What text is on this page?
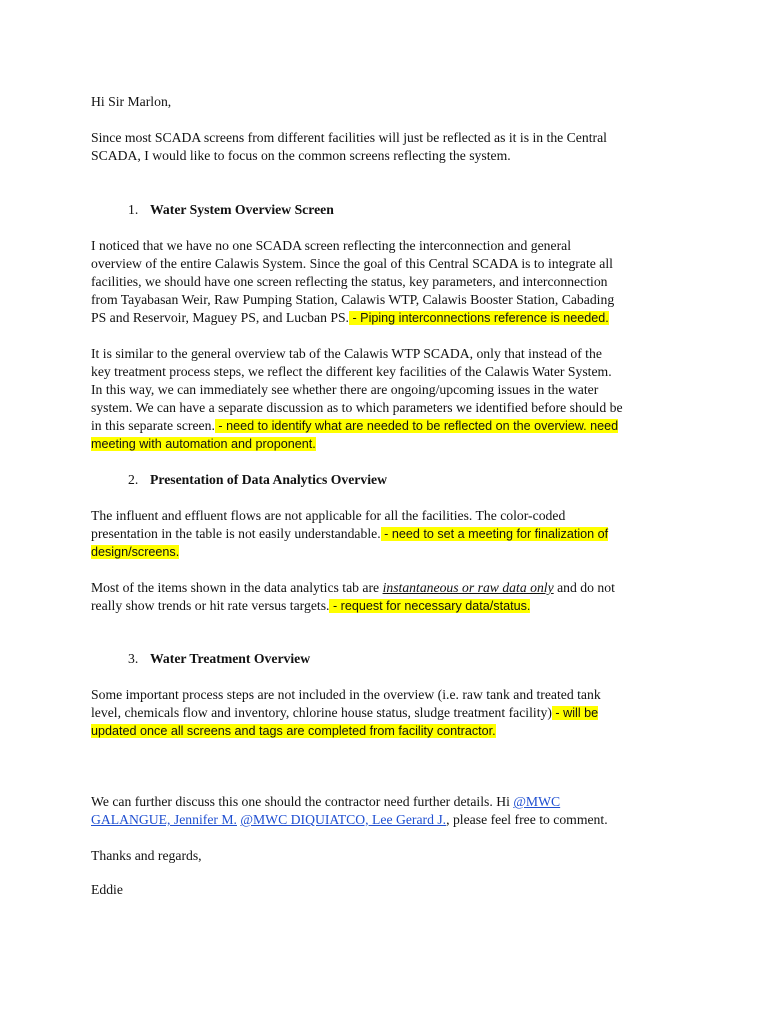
Hi Sir Marlon,
Since most SCADA screens from different facilities will just be reflected as it is in the Central
SCADA, I would like to focus on the common screens reflecting the system.
1. Water System Overview Screen
I noticed that we have no one SCADA screen reflecting the interconnection and general
overview of the entire Calawis System. Since the goal of this Central SCADA is to integrate all
facilities, we should have one screen reflecting the status, key parameters, and interconnection
from Tayabasan Weir, Raw Pumping Station, Calawis WTP, Calawis Booster Station, Cabading
PS and Reservoir, Maguey PS, and Lucban PS. - Piping interconnections reference is needed.
It is similar to the general overview tab of the Calawis WTP SCADA, only that instead of the
key treatment process steps, we reflect the different key facilities of the Calawis Water System.
In this way, we can immediately see whether there are ongoing/upcoming issues in the water
system. We can have a separate discussion as to which parameters we identified before should be
in this separate screen. - need to identify what are needed to be reflected on the overview. need
meeting with automation and proponent.
2. Presentation of Data Analytics Overview
The influent and effluent flows are not applicable for all the facilities. The color-coded
presentation in the table is not easily understandable. - need to set a meeting for finalization of
design/screens.
Most of the items shown in the data analytics tab are instantaneous or raw data only and do not
really show trends or hit rate versus targets. - request for necessary data/status.
3. Water Treatment Overview
Some important process steps are not included in the overview (i.e. raw tank and treated tank
level, chemicals flow and inventory, chlorine house status, sludge treatment facility) - will be
updated once all screens and tags are completed from facility contractor.
We can further discuss this one should the contractor need further details. Hi @MWC
GALANGUE, Jennifer M. @MWC DIQUIATCO, Lee Gerard J., please feel free to comment.
Thanks and regards,
Eddie
